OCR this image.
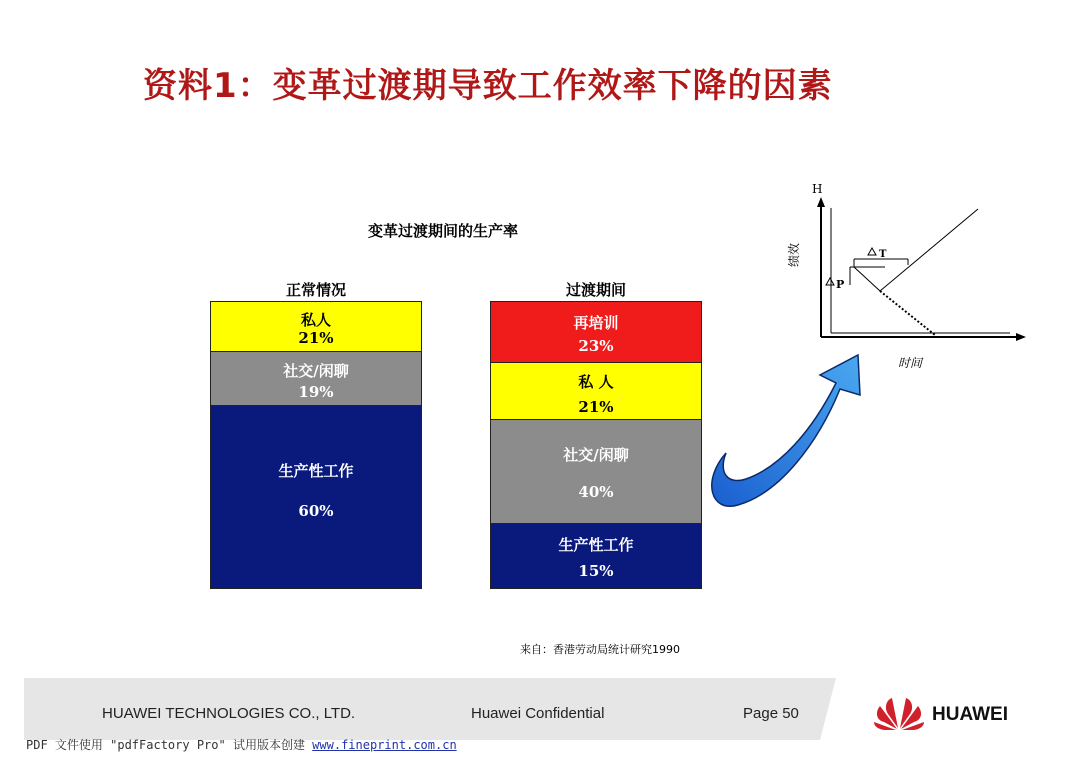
资料1：变革过渡期导致工作效率下降的因素
变革过渡期间的生产率
正常情况	过渡期间
私人
21%
社交/闲聊
19%
生产性工作
60%
再培训
23%
私 人
21%
社交/闲聊
40%
生产性工作
15%
P
T
H
绩效
时间
来自：香港劳动局统计研究1990
HUAWEI TECHNOLOGIES CO., LTD.	Huawei Confidential	Page 50	HUAWEI
PDF 文件使用 "pdfFactory Pro" 试用版本创建 www.fineprint.com.cn
